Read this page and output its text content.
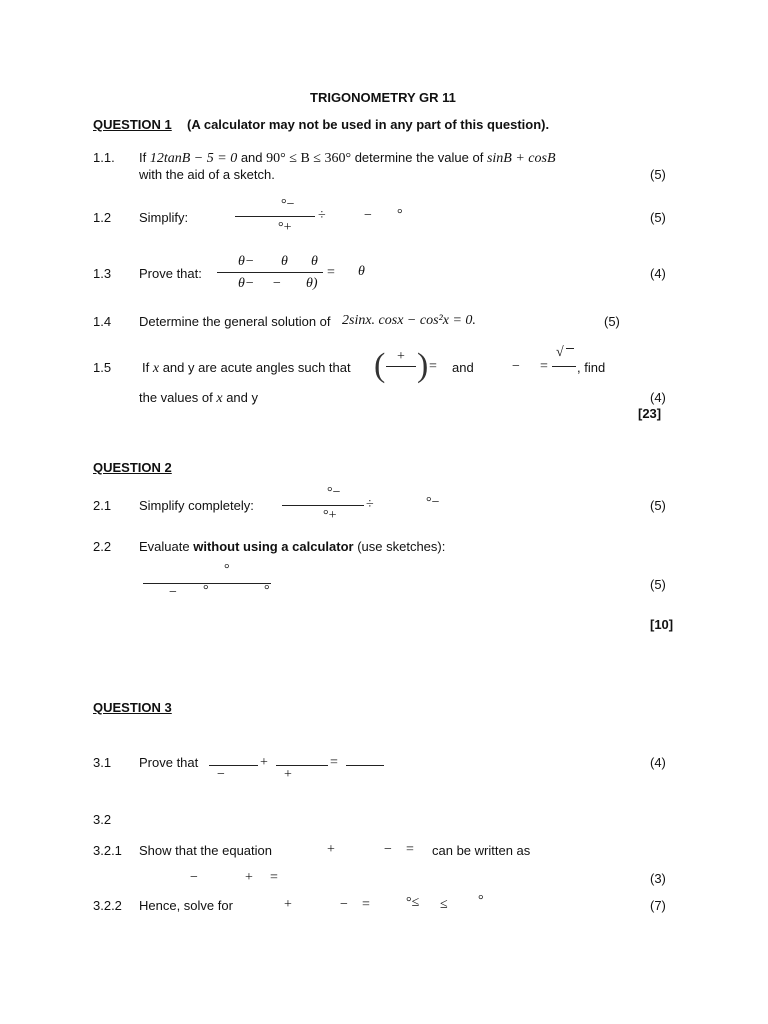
TRIGONOMETRY GR 11
QUESTION 1 (A calculator may not be used in any part of this question).
1.1. If 12tanB − 5 = 0 and 90° ≤ B ≤ 360° determine the value of sinB + cosB
with the aid of a sketch.	(5)
1.2 Simplify:
°−
°+
÷	− °	(5)
1.3 Prove that:
θ− θ θ
θ− − θ)
= θ	(4)
1.4 Determine the general solution of 2sinx. cosx − cos²x = 0.	(5)
1.5 If x and y are acute angles such that ( + ) = and	− =
√
, find
the values of x and y	(4)
[23]
QUESTION 2
2.1 Simplify completely:
°−
°+
÷	°−	(5)
2.2 Evaluate without using a calculator (use sketches):
°
− °	°	(5)
[10]
QUESTION 3
3.1 Prove that	+	=
−	+
(4)
3.2
3.2.1 Show that the equation	+	− = can be written as
−	+ =	(3)
3.2.2 Hence, solve for	+	− =	°≤ ≤ °	(7)
